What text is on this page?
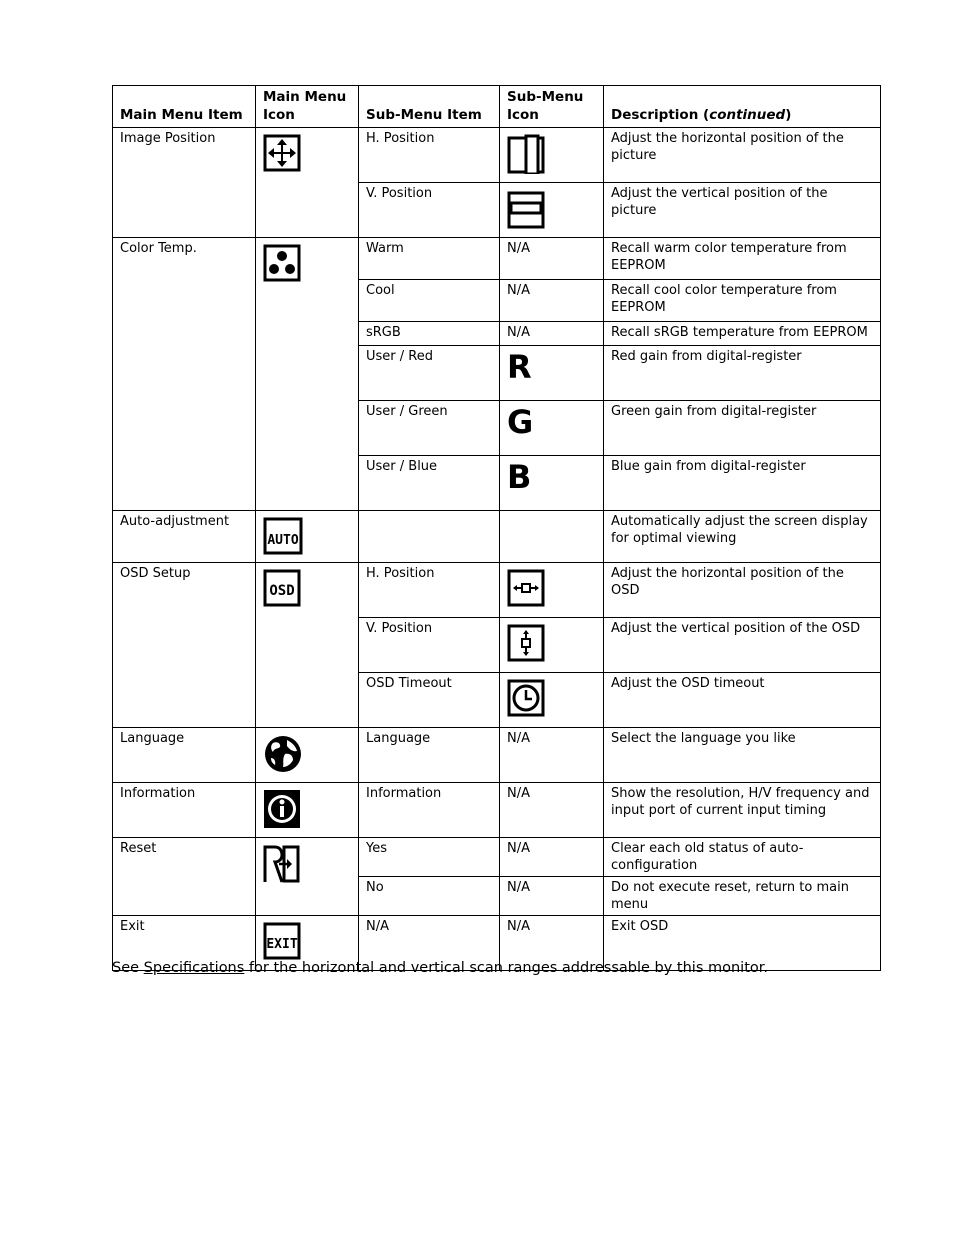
Main Menu Item	Main Menu Icon	Sub-Menu Item	Sub-Menu Icon	Description (continued)
Image Position		H. Position		Adjust the horizontal position of the picture
		V. Position		Adjust the vertical position of the picture
Color Temp.		Warm	N/A	Recall warm color temperature from EEPROM
		Cool	N/A	Recall cool color temperature from EEPROM
		sRGB	N/A	Recall sRGB temperature from EEPROM
		User / Red	R	Red gain from digital-register
		User / Green	G	Green gain from digital-register
		User / Blue	B	Blue gain from digital-register
Auto-adjustment	AUTO			Automatically adjust the screen display for optimal viewing
OSD Setup	OSD	H. Position		Adjust the horizontal position of the OSD
		V. Position		Adjust the vertical position of the OSD
		OSD Timeout		Adjust the OSD timeout
Language		Language	N/A	Select the language you like
Information		Information	N/A	Show the resolution, H/V frequency and input port of current input timing
Reset		Yes	N/A	Clear each old status of auto-configuration
		No	N/A	Do not execute reset, return to main menu
Exit	EXIT	N/A	N/A	Exit OSD
See Specifications for the horizontal and vertical scan ranges addressable by this monitor.
